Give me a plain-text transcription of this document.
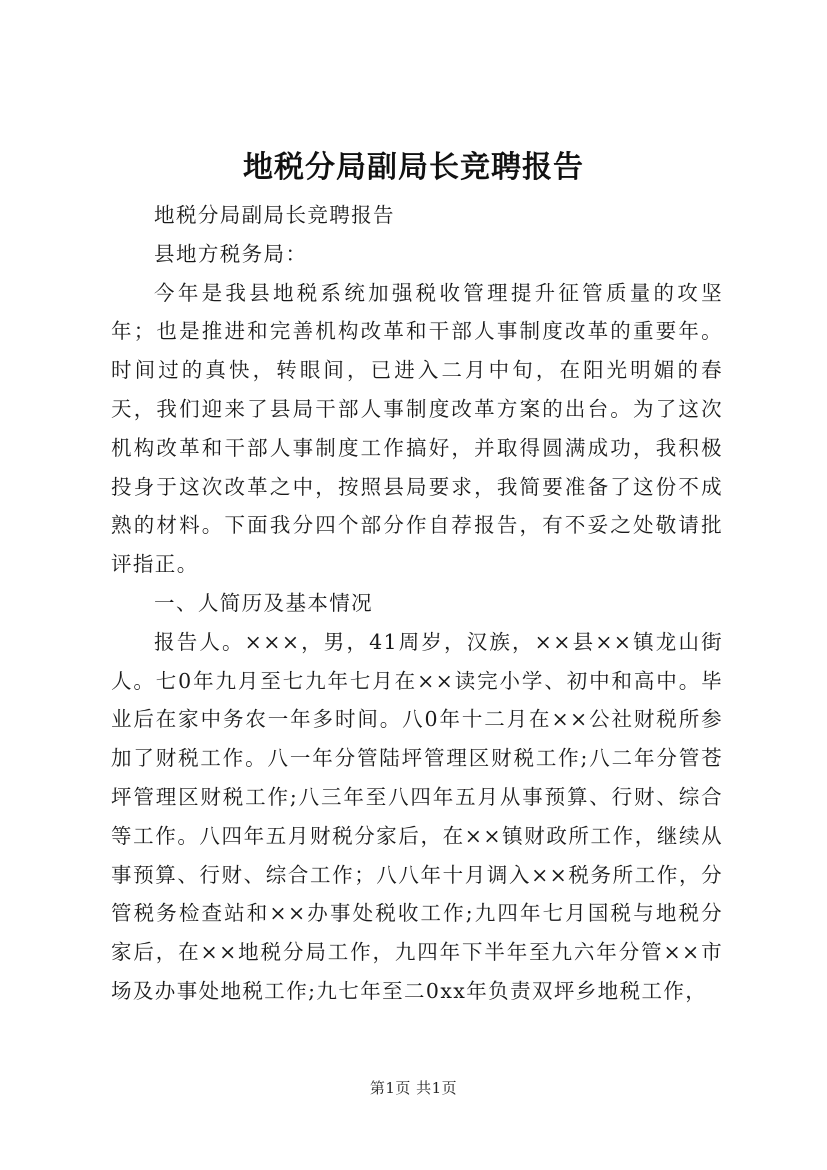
地税分局副局长竞聘报告

地税分局副局长竞聘报告

县地方税务局：

今年是我县地税系统加强税收管理提升征管质量的攻坚年；也是推进和完善机构改革和干部人事制度改革的重要年。时间过的真快，转眼间，已进入二月中旬，在阳光明媚的春天，我们迎来了县局干部人事制度改革方案的出台。为了这次机构改革和干部人事制度工作搞好，并取得圆满成功，我积极投身于这次改革之中，按照县局要求，我简要准备了这份不成熟的材料。下面我分四个部分作自荐报告，有不妥之处敬请批评指正。

一、人简历及基本情况

报告人。×××，男，41周岁，汉族，××县××镇龙山街人。七0年九月至七九年七月在××读完小学、初中和高中。毕业后在家中务农一年多时间。八0年十二月在××公社财税所参加了财税工作。八一年分管陆坪管理区财税工作;八二年分管苍坪管理区财税工作;八三年至八四年五月从事预算、行财、综合等工作。八四年五月财税分家后，在××镇财政所工作，继续从事预算、行财、综合工作；八八年十月调入××税务所工作，分管税务检查站和××办事处税收工作;九四年七月国税与地税分家后，在××地税分局工作，九四年下半年至九六年分管××市场及办事处地税工作;九七年至二0xx年负责双坪乡地税工作，

第1页 共1页
